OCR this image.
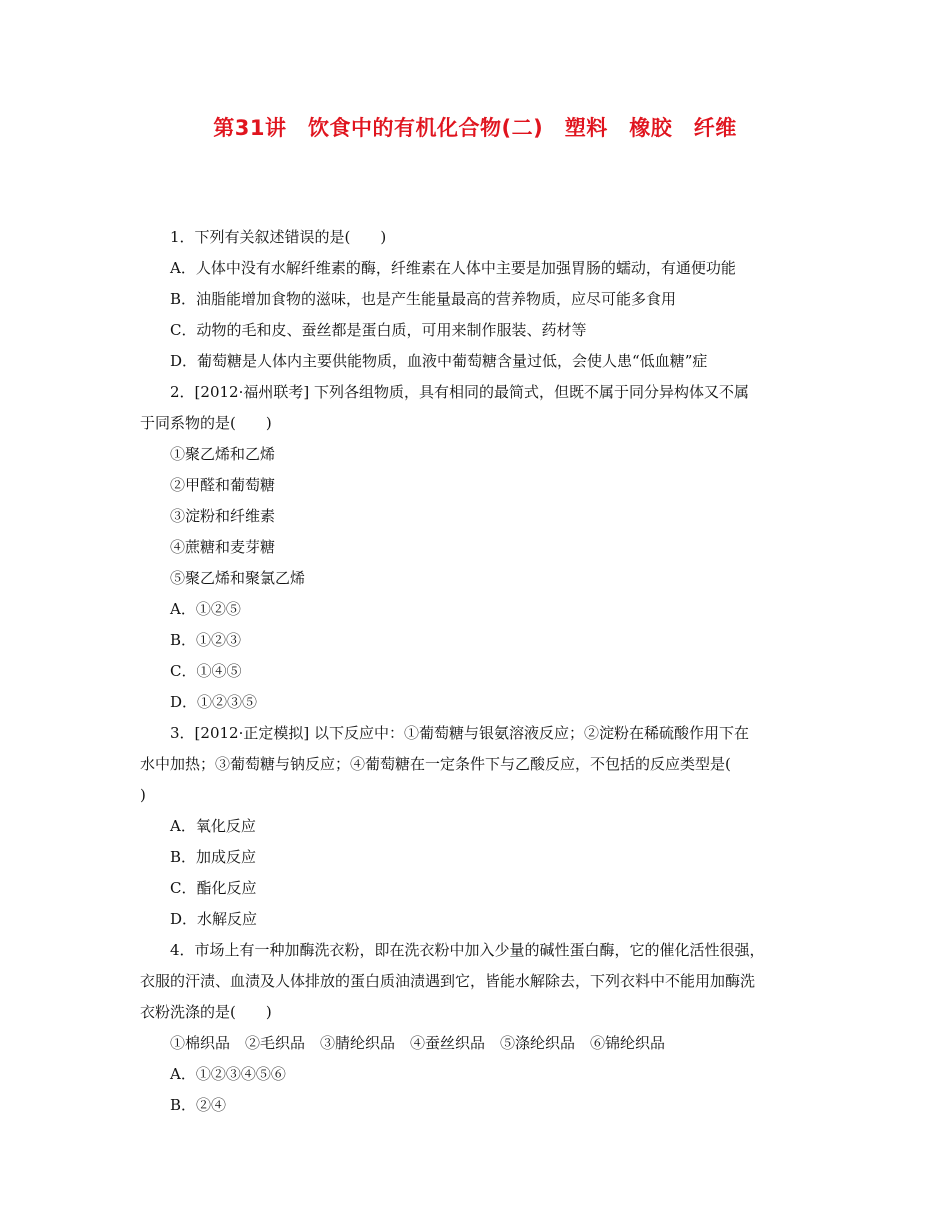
第31讲　饮食中的有机化合物(二)　塑料　橡胶　纤维
1．下列有关叙述错误的是(　　)
A．人体中没有水解纤维素的酶，纤维素在人体中主要是加强胃肠的蠕动，有通便功能
B．油脂能增加食物的滋味，也是产生能量最高的营养物质，应尽可能多食用
C．动物的毛和皮、蚕丝都是蛋白质，可用来制作服装、药材等
D．葡萄糖是人体内主要供能物质，血液中葡萄糖含量过低，会使人患“低血糖”症
2．[2012·福州联考] 下列各组物质，具有相同的最简式，但既不属于同分异构体又不属
于同系物的是(　　)
①聚乙烯和乙烯
②甲醛和葡萄糖
③淀粉和纤维素
④蔗糖和麦芽糖
⑤聚乙烯和聚氯乙烯
A．①②⑤
B．①②③
C．①④⑤
D．①②③⑤
3．[2012·正定模拟] 以下反应中：①葡萄糖与银氨溶液反应；②淀粉在稀硫酸作用下在
水中加热；③葡萄糖与钠反应；④葡萄糖在一定条件下与乙酸反应，不包括的反应类型是(
)
A．氧化反应
B．加成反应
C．酯化反应
D．水解反应
4．市场上有一种加酶洗衣粉，即在洗衣粉中加入少量的碱性蛋白酶，它的催化活性很强，
衣服的汗渍、血渍及人体排放的蛋白质油渍遇到它，皆能水解除去，下列衣料中不能用加酶洗
衣粉洗涤的是(　　)
①棉织品　②毛织品　③腈纶织品　④蚕丝织品　⑤涤纶织品　⑥锦纶织品
A．①②③④⑤⑥
B．②④
